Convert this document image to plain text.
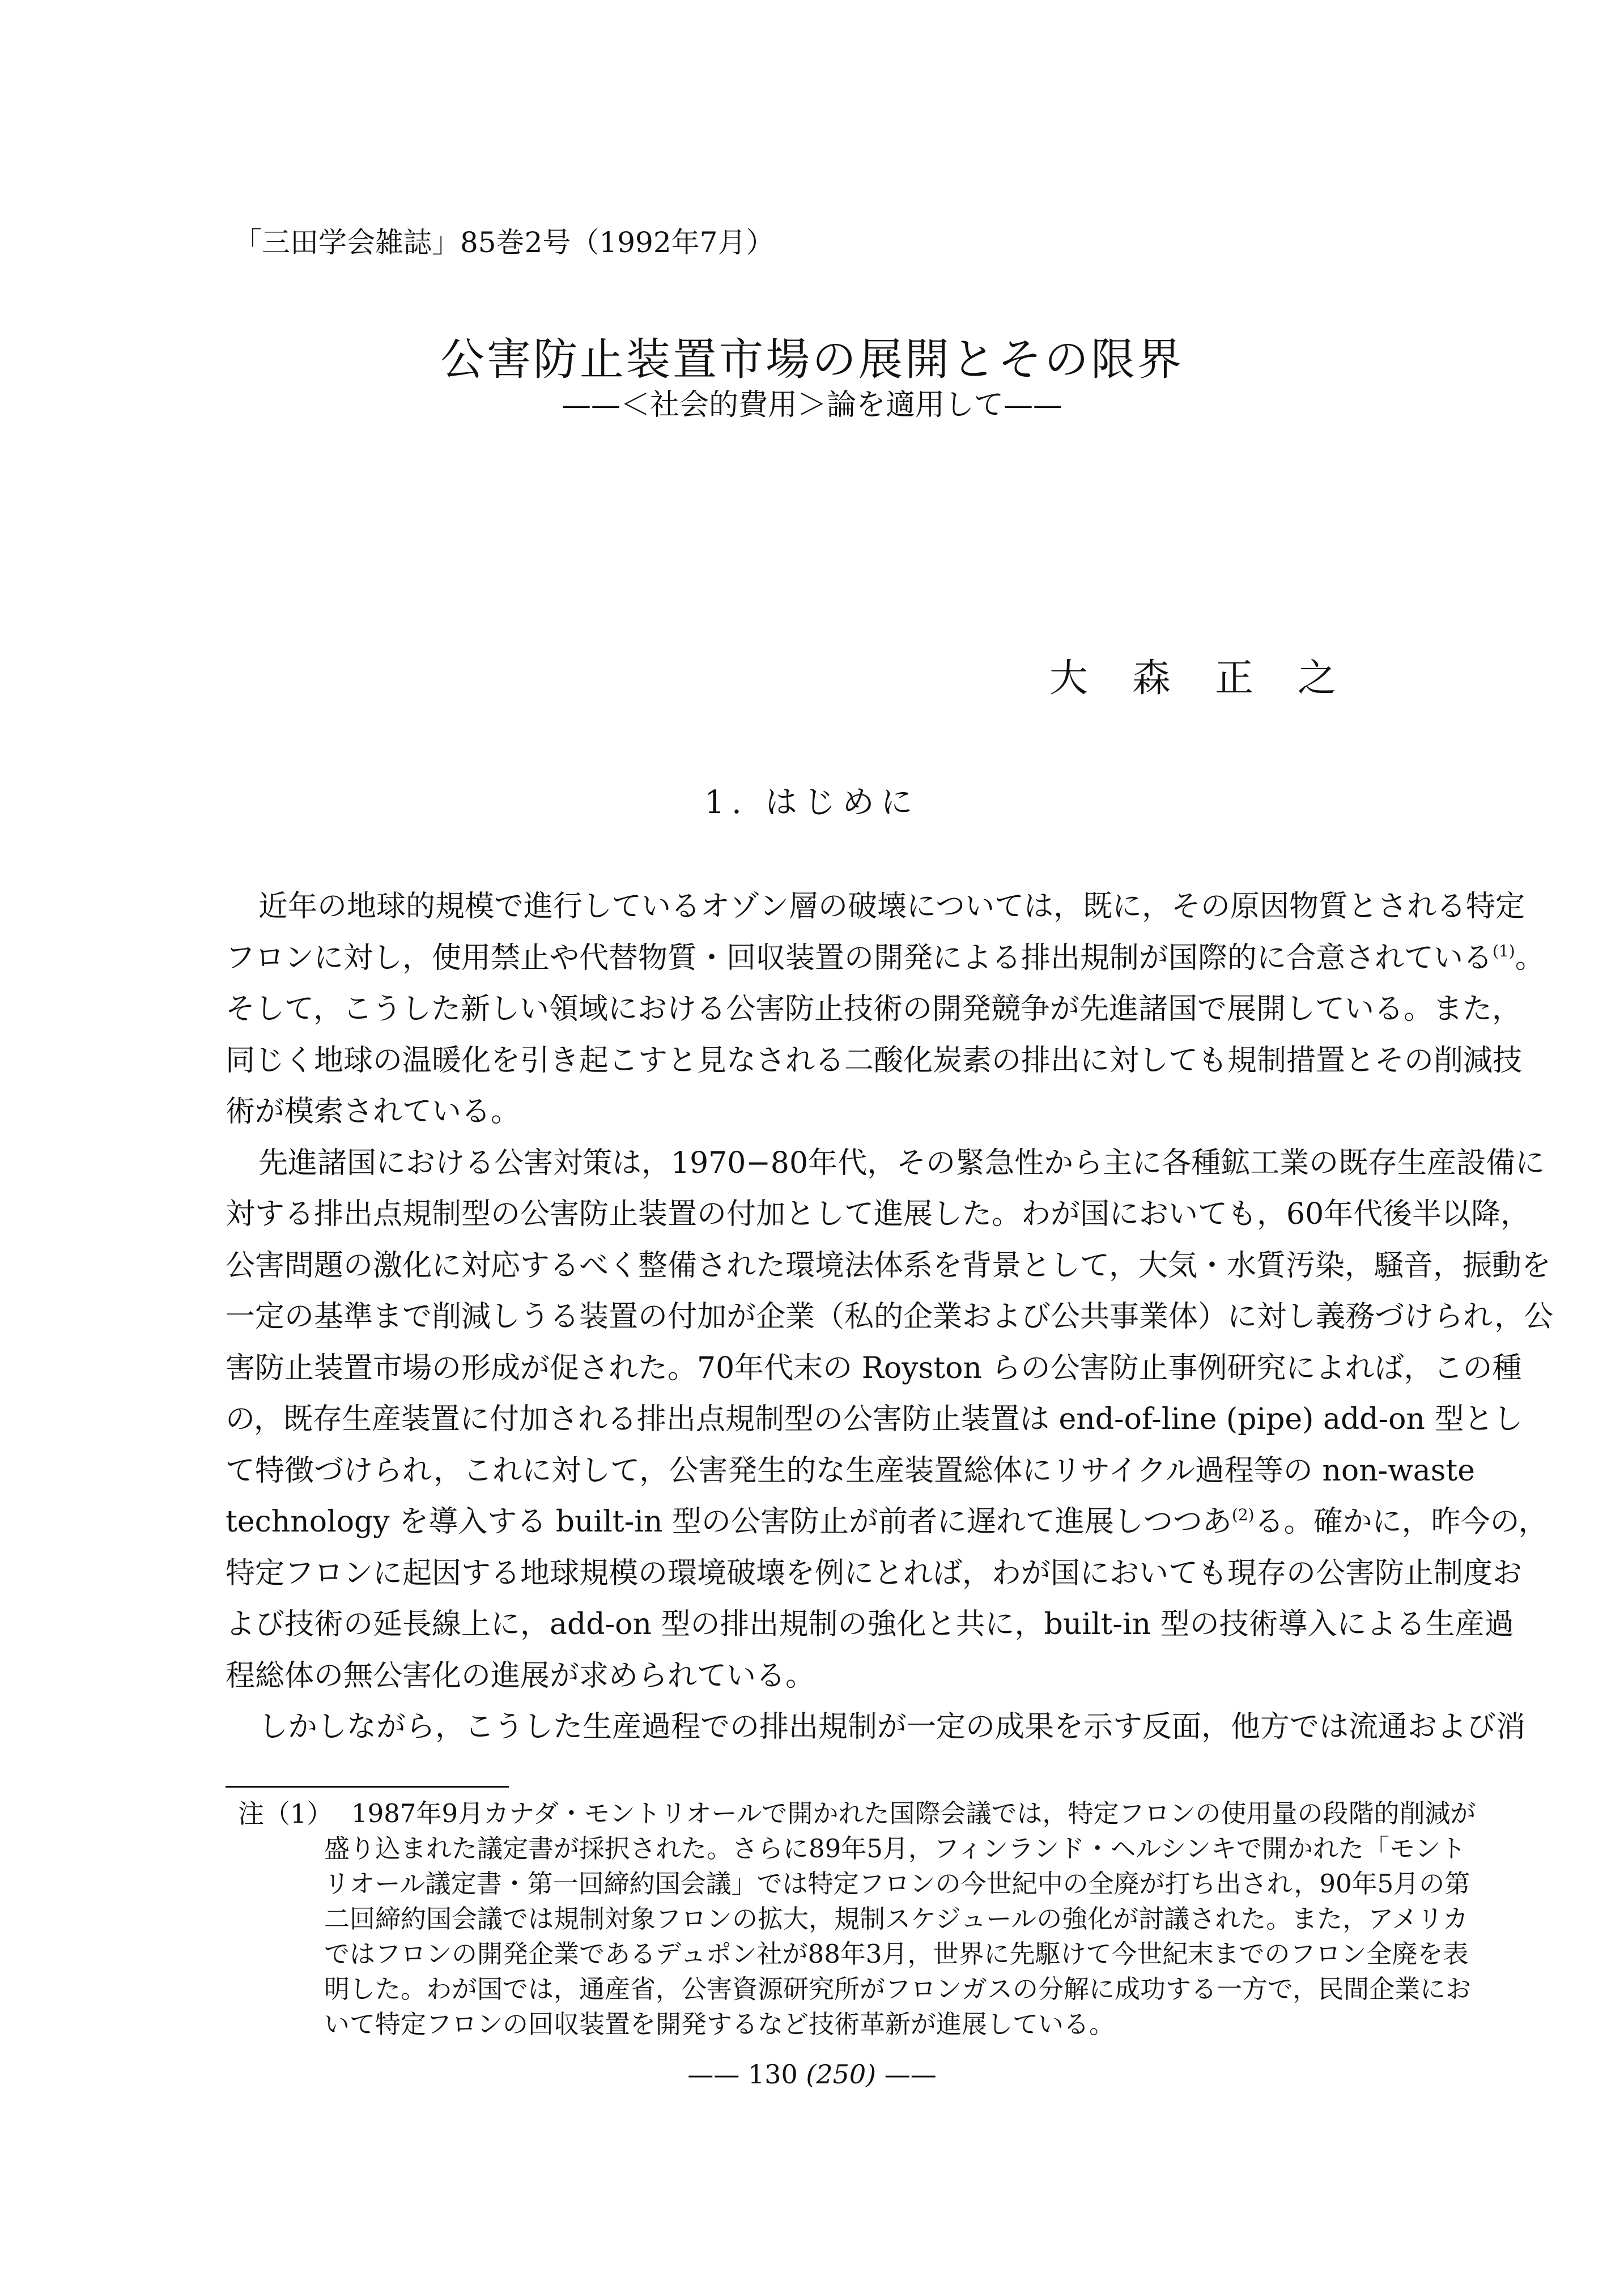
「三田学会雑誌」85巻2号（1992年7月）
公害防止装置市場の展開とその限界
——＜社会的費用＞論を適用して——
大森正之
1. はじめに
近年の地球的規模で進行しているオゾン層の破壊については，既に，その原因物質とされる特定
フロンに対し，使用禁止や代替物質・回収装置の開発による排出規制が国際的に合意されている$^{(1)}$。
そして，こうした新しい領域における公害防止技術の開発競争が先進諸国で展開している。また，
同じく地球の温暖化を引き起こすと見なされる二酸化炭素の排出に対しても規制措置とその削減技
術が模索されている。
先進諸国における公害対策は，1970−80年代，その緊急性から主に各種鉱工業の既存生産設備に
対する排出点規制型の公害防止装置の付加として進展した。わが国においても，60年代後半以降，
公害問題の激化に対応するべく整備された環境法体系を背景として，大気・水質汚染，騒音，振動を
一定の基準まで削減しうる装置の付加が企業（私的企業および公共事業体）に対し義務づけられ，公
害防止装置市場の形成が促された。70年代末の Royston らの公害防止事例研究によれば，この種
の，既存生産装置に付加される排出点規制型の公害防止装置は end-of-line (pipe) add-on 型とし
て特徴づけられ，これに対して，公害発生的な生産装置総体にリサイクル過程等の non-waste
technology を導入する built-in 型の公害防止が前者に遅れて進展しつつあ$^{(2)}$る。確かに，昨今の，
特定フロンに起因する地球規模の環境破壊を例にとれば，わが国においても現存の公害防止制度お
よび技術の延長線上に，add-on 型の排出規制の強化と共に，built-in 型の技術導入による生産過
程総体の無公害化の進展が求められている。
しかしながら，こうした生産過程での排出規制が一定の成果を示す反面，他方では流通および消
注（1） 1987年9月カナダ・モントリオールで開かれた国際会議では，特定フロンの使用量の段階的削減が
盛り込まれた議定書が採択された。さらに89年5月，フィンランド・ヘルシンキで開かれた「モント
リオール議定書・第一回締約国会議」では特定フロンの今世紀中の全廃が打ち出され，90年5月の第
二回締約国会議では規制対象フロンの拡大，規制スケジュールの強化が討議された。また，アメリカ
ではフロンの開発企業であるデュポン社が88年3月，世界に先駆けて今世紀末までのフロン全廃を表
明した。わが国では，通産省，公害資源研究所がフロンガスの分解に成功する一方で，民間企業にお
いて特定フロンの回収装置を開発するなど技術革新が進展している。
—— 130 (250) ——
